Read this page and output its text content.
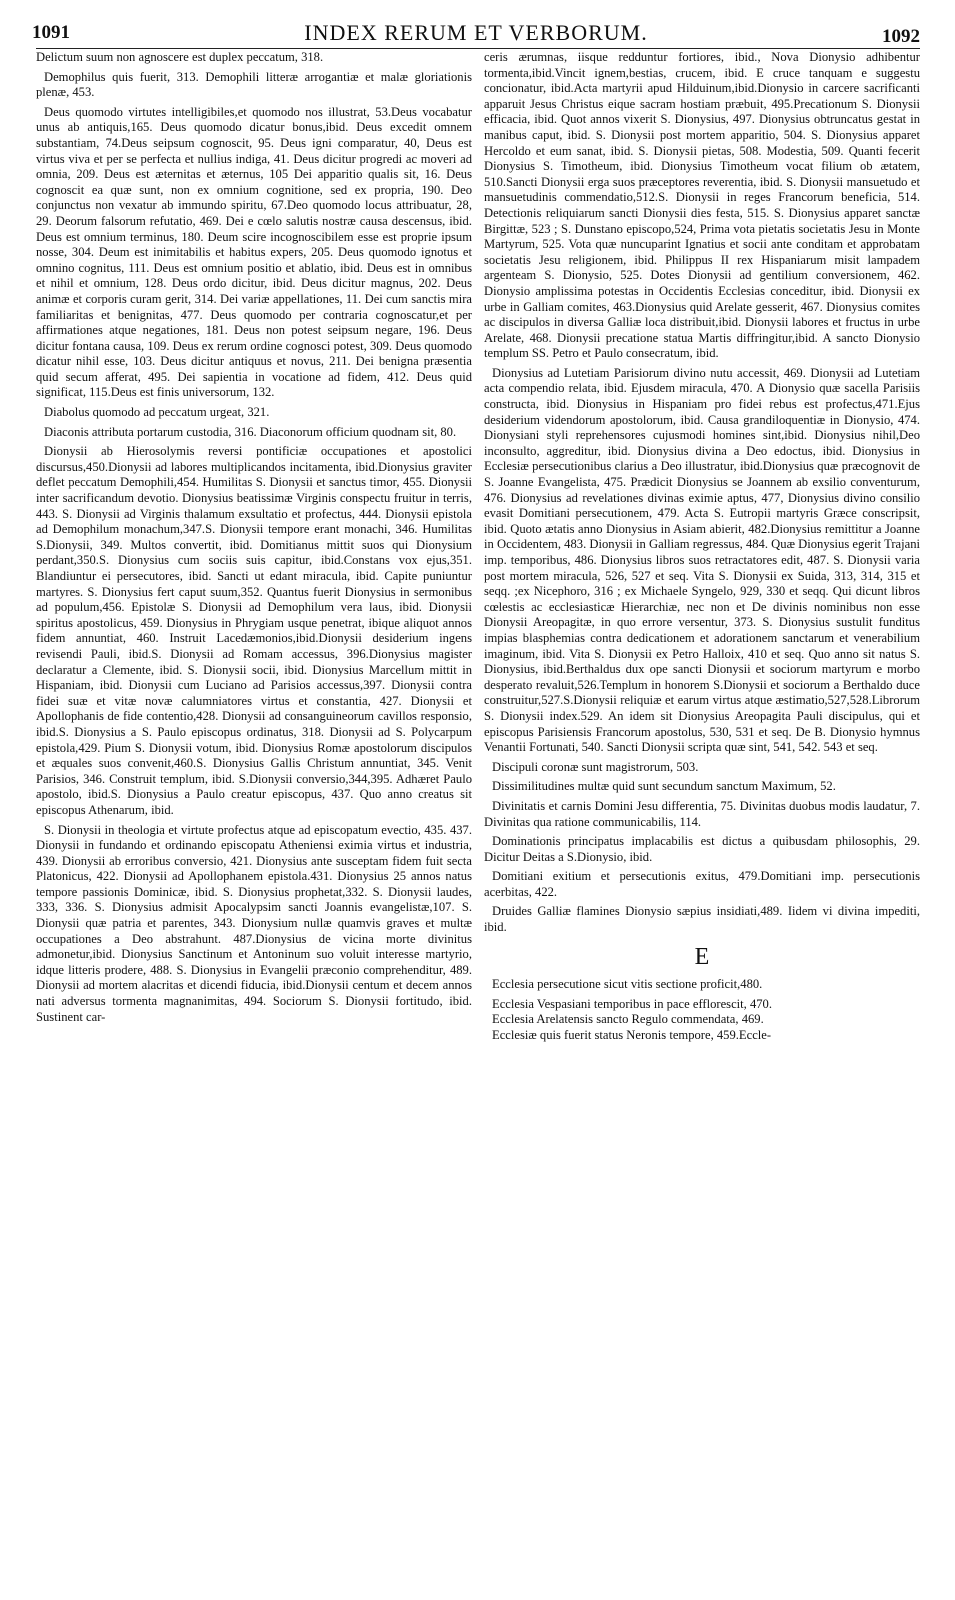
1091	INDEX RERUM ET VERBORUM.	1092

Delictum suum non agnoscere est duplex peccatum, 318.

Demophilus quis fuerit, 313. Demophili litteræ arrogantiæ et malæ gloriationis plenæ, 453.

Deus quomodo virtutes intelligibiles,et quomodo nos illustrat, 53.Deus vocabatur unus ab antiquis,165. Deus quomodo dicatur bonus,ibid. Deus excedit omnem substantiam, 74.Deus seipsum cognoscit, 95. Deus igni comparatur, 40, Deus est virtus viva et per se perfecta et nullius indiga, 41. Deus dicitur progredi ac moveri ad omnia, 209. Deus est æternitas et æternus, 105 Dei apparitio qualis sit, 16. Deus cognoscit ea quæ sunt, non ex omnium cognitione, sed ex propria, 190. Deo conjunctus non vexatur ab immundo spiritu, 67.Deo quomodo locus attribuatur, 28, 29. Deorum falsorum refutatio, 469. Dei e cœlo salutis nostræ causa descensus, ibid. Deus est omnium terminus, 180. Deum scire incognoscibilem esse est proprie ipsum nosse, 304. Deum est inimitabilis et habitus expers, 205. Deus quomodo ignotus et omnino cognitus, 111. Deus est omnium positio et ablatio, ibid. Deus est in omnibus et nihil et omnium, 128. Deus ordo dicitur, ibid. Deus dicitur magnus, 202. Deus animæ et corporis curam gerit, 314. Dei variæ appellationes, 11. Dei cum sanctis mira familiaritas et benignitas, 477. Deus quomodo per contraria cognoscatur,et per affirmationes atque negationes, 181. Deus non potest seipsum negare, 196. Deus dicitur fontana causa, 109. Deus ex rerum ordine cognosci potest, 309. Deus quomodo dicatur nihil esse, 103. Deus dicitur antiquus et novus, 211. Dei benigna præsentia quid secum afferat, 495. Dei sapientia in vocatione ad fidem, 412. Deus quid significat, 115.Deus est finis universorum, 132.

Diabolus quomodo ad peccatum urgeat, 321.

Diaconis attributa portarum custodia, 316. Diaconorum officium quodnam sit, 80.

Dionysii ab Hierosolymis reversi pontificiæ occupationes et apostolici discursus,450.Dionysii ad labores multiplicandos incitamenta, ibid.Dionysius graviter deflet peccatum Demophili,454. Humilitas S. Dionysii et sanctus timor, 455. Dionysii inter sacrificandum devotio. Dionysius beatissimæ Virginis conspectu fruitur in terris, 443. S. Dionysii ad Virginis thalamum exsultatio et profectus, 444. Dionysii epistola ad Demophilum monachum,347.S. Dionysii tempore erant monachi, 346. Humilitas S.Dionysii, 349. Multos convertit, ibid. Domitianus mittit suos qui Dionysium perdant,350.S. Dionysius cum sociis suis capitur, ibid.Constans vox ejus,351. Blandiuntur ei persecutores, ibid. Sancti ut edant miracula, ibid. Capite puniuntur martyres. S. Dionysius fert caput suum,352. Quantus fuerit Dionysius in sermonibus ad populum,456. Epistolæ S. Dionysii ad Demophilum vera laus, ibid. Dionysii spiritus apostolicus, 459. Dionysius in Phrygiam usque penetrat, ibique aliquot annos fidem annuntiat, 460. Instruit Lacedæmonios,ibid.Dionysii desiderium ingens revisendi Pauli, ibid.S. Dionysii ad Romam accessus, 396.Dionysius magister declaratur a Clemente, ibid. S. Dionysii socii, ibid. Dionysius Marcellum mittit in Hispaniam, ibid. Dionysii cum Luciano ad Parisios accessus,397. Dionysii contra fidei suæ et vitæ novæ calumniatores virtus et constantia, 427. Dionysii et Apollophanis de fide contentio,428. Dionysii ad consanguineorum cavillos responsio, ibid.S. Dionysius a S. Paulo episcopus ordinatus, 318. Dionysii ad S. Polycarpum epistola,429. Pium S. Dionysii votum, ibid. Dionysius Romæ apostolorum discipulos et æquales suos convenit,460.S. Dionysius Gallis Christum annuntiat, 345. Venit Parisios, 346. Construit templum, ibid. S.Dionysii conversio,344,395. Adhæret Paulo apostolo, ibid.S. Dionysius a Paulo creatur episcopus, 437. Quo anno creatus sit episcopus Athenarum, ibid.

S. Dionysii in theologia et virtute profectus atque ad episcopatum evectio, 435. 437. Dionysii in fundando et ordinando episcopatu Atheniensi eximia virtus et industria, 439. Dionysii ab erroribus conversio, 421. Dionysius ante susceptam fidem fuit secta Platonicus, 422. Dionysii ad Apollophanem epistola.431. Dionysius 25 annos natus tempore passionis Dominicæ, ibid. S. Dionysius prophetat,332. S. Dionysii laudes, 333, 336. S. Dionysius admisit Apocalypsim sancti Joannis evangelistæ,107. S. Dionysii quæ patria et parentes, 343. Dionysium nullæ quamvis graves et multæ occupationes a Deo abstrahunt. 487.Dionysius de vicina morte divinitus admonetur,ibid. Dionysius Sanctinum et Antoninum suo voluit interesse martyrio, idque litteris prodere, 488. S. Dionysius in Evangelii præconio comprehenditur, 489. Dionysii ad mortem alacritas et dicendi fiducia, ibid.Dionysii centum et decem annos nati adversus tormenta magnanimitas, 494. Sociorum S. Dionysii fortitudo, ibid. Sustinent car-

ceris ærumnas, iisque redduntur fortiores, ibid., Nova Dionysio adhibentur tormenta,ibid.Vincit ignem,bestias, crucem, ibid. E cruce tanquam e suggestu concionatur, ibid.Acta martyrii apud Hilduinum,ibid.Dionysio in carcere sacrificanti apparuit Jesus Christus eique sacram hostiam præbuit, 495.Precationum S. Dionysii efficacia, ibid. Quot annos vixerit S. Dionysius, 497. Dionysius obtruncatus gestat in manibus caput, ibid. S. Dionysii post mortem apparitio, 504. S. Dionysius apparet Hercoldo et eum sanat, ibid. S. Dionysii pietas, 508. Modestia, 509. Quanti fecerit Dionysius S. Timotheum, ibid. Dionysius Timotheum vocat filium ob ætatem, 510.Sancti Dionysii erga suos præceptores reverentia, ibid. S. Dionysii mansuetudo et mansuetudinis commendatio,512.S. Dionysii in reges Francorum beneficia, 514. Detectionis reliquiarum sancti Dionysii dies festa, 515. S. Dionysius apparet sanctæ Birgittæ, 523 ; S. Dunstano episcopo,524, Prima vota pietatis societatis Jesu in Monte Martyrum, 525. Vota quæ nuncuparint Ignatius et socii ante conditam et approbatam societatis Jesu religionem, ibid. Philippus II rex Hispaniarum misit lampadem argenteam S. Dionysio, 525. Dotes Dionysii ad gentilium conversionem, 462. Dionysio amplissima potestas in Occidentis Ecclesias conceditur, ibid. Dionysii ex urbe in Galliam comites, 463.Dionysius quid Arelate gesserit, 467. Dionysius comites ac discipulos in diversa Galliæ loca distribuit,ibid. Dionysii labores et fructus in urbe Arelate, 468. Dionysii precatione statua Martis diffringitur,ibid. A sancto Dionysio templum SS. Petro et Paulo consecratum, ibid.

Dionysius ad Lutetiam Parisiorum divino nutu accessit, 469. Dionysii ad Lutetiam acta compendio relata, ibid. Ejusdem miracula, 470. A Dionysio quæ sacella Parisiis constructa, ibid. Dionysius in Hispaniam pro fidei rebus est profectus,471.Ejus desiderium videndorum apostolorum, ibid. Causa grandiloquentiæ in Dionysio, 474. Dionysiani styli reprehensores cujusmodi homines sint,ibid. Dionysius nihil,Deo inconsulto, aggreditur, ibid. Dionysius divina a Deo edoctus, ibid. Dionysius in Ecclesiæ persecutionibus clarius a Deo illustratur, ibid.Dionysius quæ præcognovit de S. Joanne Evangelista, 475. Prædicit Dionysius se Joannem ab exsilio conventurum, 476. Dionysius ad revelationes divinas eximie aptus, 477, Dionysius divino consilio evasit Domitiani persecutionem, 479. Acta S. Eutropii martyris Græce conscripsit, ibid. Quoto ætatis anno Dionysius in Asiam abierit, 482.Dionysius remittitur a Joanne in Occidentem, 483. Dionysii in Galliam regressus, 484. Quæ Dionysius egerit Trajani imp. temporibus, 486. Dionysius libros suos retractatores edit, 487. S. Dionysii varia post mortem miracula, 526, 527 et seq. Vita S. Dionysii ex Suida, 313, 314, 315 et seqq. ;ex Nicephoro, 316 ; ex Michaele Syngelo, 929, 330 et seqq. Qui dicunt libros cœlestis ac ecclesiasticæ Hierarchiæ, nec non et De divinis nominibus non esse Dionysii Areopagitæ, in quo errore versentur, 373. S. Dionysius sustulit funditus impias blasphemias contra dedicationem et adorationem sanctarum et venerabilium imaginum, ibid. Vita S. Dionysii ex Petro Halloix, 410 et seq. Quo anno sit natus S. Dionysius, ibid.Berthaldus dux ope sancti Dionysii et sociorum martyrum e morbo desperato revaluit,526.Templum in honorem S.Dionysii et sociorum a Berthaldo duce construitur,527.S.Dionysii reliquiæ et earum virtus atque æstimatio,527,528.Librorum S. Dionysii index.529. An idem sit Dionysius Areopagita Pauli discipulus, qui et episcopus Parisiensis Francorum apostolus, 530, 531 et seq. De B. Dionysio hymnus Venantii Fortunati, 540. Sancti Dionysii scripta quæ sint, 541, 542. 543 et seq.

Discipuli coronæ sunt magistrorum, 503.

Dissimilitudines multæ quid sunt secundum sanctum Maximum, 52.

Divinitatis et carnis Domini Jesu differentia, 75. Divinitas duobus modis laudatur, 7. Divinitas qua ratione communicabilis, 114.

Dominationis principatus implacabilis est dictus a quibusdam philosophis, 29. Dicitur Deitas a S.Dionysio, ibid.

Domitiani exitium et persecutionis exitus, 479.Domitiani imp. persecutionis acerbitas, 422.

Druides Galliæ flamines Dionysio sæpius insidiati,489. Iidem vi divina impediti, ibid.

E

Ecclesia persecutione sicut vitis sectione proficit,480.

Ecclesia Vespasiani temporibus in pace efflorescit, 470.

Ecclesia Arelatensis sancto Regulo commendata, 469.

Ecclesiæ quis fuerit status Neronis tempore, 459.Eccle-
